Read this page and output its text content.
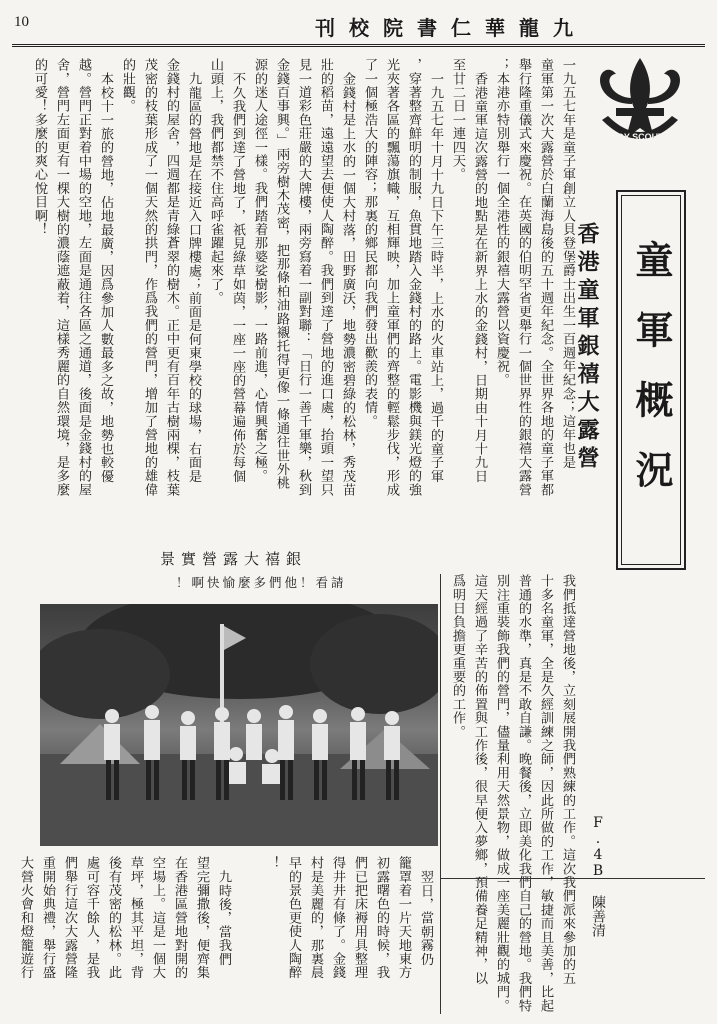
10	刊校院書仁華龍九
BOY SCOUTS
童軍概況
香港童軍銀禧大露營
一九五七年是童子軍創立人貝登堡爵士出生一百週年紀念；這年也是
童軍第一次大露營於白蘭海島後的五十週年紀念。全世界各地的童子軍都
舉行隆重儀式來慶祝。在英國的伯明罕省更舉行一個世界性的銀禧大露營
；本港亦特別舉行一個全港性的銀禧大露營以資慶祝。
香港童軍這次露營的地點是在新界上水的金錢村，日期由十月十九日
至廿二日一連四天。
一九五七年十月十九日下午三時半，上水的火車站上，過千的童子軍
，穿著整齊鮮明的制服，魚貫地踏入金錢村的路上。電影機與鎂光燈的強
光夾著各區的飄蕩旗幟，互相輝映，加上童軍們的齊整的輕鬆步伐，形成
了一個極浩大的陣容；那裏的鄉民都向我們發出歡羨的表情。
金錢村是上水的一個大村落，田野廣沃，地勢濃密碧綠的松林，秀茂苗
壯的稻苗，遠遠望去便使人陶醉。我們到達了營地的進口處，抬頭一望只
見一道彩色莊嚴的大牌樓，兩旁寫着一副對聯：「日行一善千軍樂，秋到
金錢百事興。」兩旁樹木茂密，把那條柏油路襯托得更像一條通往世外桃
源的迷人途徑一樣。我們踏着那婆娑樹影，一路前進，心情興奮之極。
不久我們到達了營地了，祇見綠草如茵，一座一座的營幕遍佈於每個
山頭上，我們都禁不住高呼雀躍起來了。
九龍區的營地是在接近入口牌樓處；前面是何東學校的球場，右面是
金錢村的屋舍，四週都是青綠蒼翠的樹木。正中更有百年古樹兩棵，枝葉
茂密的枝葉形成了一個天然的拱門，作爲我們的營門，增加了營地的雄偉
的壯觀。
本校十一旅的營地，佔地最廣，因爲參加人數最多之故，地勢也較優
越。營門正對着中場的空地，左面是通往各區之通道，後面是金錢村的屋
舍，營門左面更有一棵大樹的濃蔭遮蔽着，這樣秀麗的自然環境，是多麼
的可愛！多麼的爽心悅目啊！
我們抵達營地後，立刻展開我們熟練的工作。這次我們派來參加的五
十多名童軍，全是久經訓練之師，因此所做的工作，敏捷而且美善，比起
普通的水準，真是不敢自謙。晚餐後，立即美化我們自己的營地。我們特
別注重裝飾我們的營門，儘量利用天然景物，做成一座美麗壯觀的城門。
這天經過了辛苦的佈置與工作後，很早便入夢鄉，預備養足精神，以
爲明日負擔更重要的工作。
F.4B 陳善清
景實營露大禧銀
！啊快愉麼多們他！看請
翌日，當朝霧仍
籠罩着一片天地東方
初露曙色的時候，我
們已把床褥用具整理
得井井有條了。金錢
村是美麗的，那裏晨
早的景色更使人陶醉
！
九時後，當我們
望完彌撒後，便齊集
在香港區營地對開的
空場上。這是一個大
草坪，極其平坦，背
後有茂密的松林。此
處可容千餘人，是我
們舉行這次大露營隆
重開始典禮，舉行盛
大營火會和燈籠遊行
